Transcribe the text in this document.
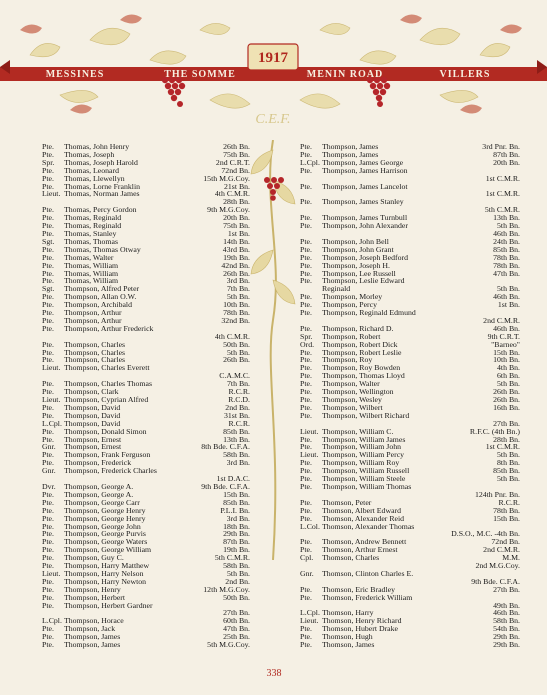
1917
C.E.F.
MESSINES	THE SOMME	MENIN ROAD	VILLERS
Pte.	Thomas, John Henry	26th Bn.
Pte.	Thomas, Joseph	75th Bn.
Spr.	Thomas, Joseph Harold	2nd C.R.T.
Pte.	Thomas, Leonard	72nd Bn.
Pte.	Thomas, Llewellyn	15th M.G.Coy.
Pte.	Thomas, Lorne Franklin	21st Bn.
Lieut. Thomas, Norman James	4th C.M.R.
28th Bn.
Pte.	Thomas, Percy Gordon	9th M.G.Coy.
Pte.	Thomas, Reginald	20th Bn.
Pte.	Thomas, Reginald	75th Bn.
Pte.	Thomas, Stanley	1st Bn.
Sgt.	Thomas, Thomas	14th Bn.
Pte.	Thomas, Thomas Otway	43rd Bn.
Pte.	Thomas, Walter	19th Bn.
Pte.	Thomas, William	42nd Bn.
Pte.	Thomas, William	26th Bn.
Pte.	Thomas, William	3rd Bn.
Sgt.	Thompson, Alfred Peter	7th Bn.
Pte.	Thompson, Allan O.W.	5th Bn.
Pte.	Thompson, Archibald	10th Bn.
Pte.	Thompson, Arthur	78th Bn.
Pte.	Thompson, Arthur	32nd Bn.
Pte.	Thompson, Arthur Frederick
4th C.M.R.
Pte.	Thompson, Charles	50th Bn.
Pte.	Thompson, Charles	5th Bn.
Pte.	Thompson, Charles	26th Bn.
Lieut. Thompson, Charles Everett
C.A.M.C.
Pte.	Thompson, Charles Thomas	7th Bn.
Pte.	Thompson, Clark	R.C.R.
Lieut. Thompson, Cyprian Alfred	R.C.D.
Pte.	Thompson, David	2nd Bn.
Pte.	Thompson, David	31st Bn.
L.Cpl. Thompson, David	R.C.R.
Pte.	Thompson, Donald Simon	85th Bn.
Pte.	Thompson, Ernest	13th Bn.
Gnr.	Thompson, Ernest	8th Bde. C.F.A.
Pte.	Thompson, Frank Ferguson	58th Bn.
Pte.	Thompson, Frederick	3rd Bn.
Gnr.	Thompson, Frederick Charles
1st D.A.C.
Dvr.	Thompson, George A.	9th Bde. C.F.A.
Pte.	Thompson, George A.	15th Bn.
Pte.	Thompson, George Carr	85th Bn.
Pte.	Thompson, George Henry	P.L.I. Bn.
Pte.	Thompson, George Henry	3rd Bn.
Pte.	Thompson, George John	18th Bn.
Pte.	Thompson, George Purvis	29th Bn.
Pte.	Thompson, George Waters	87th Bn.
Pte.	Thompson, George William	19th Bn.
Pte.	Thompson, Guy C.	5th C.M.R.
Pte.	Thompson, Harry Matthew	58th Bn.
Lieut. Thompson, Harry Nelson	5th Bn.
Pte.	Thompson, Harry Newton	2nd Bn.
Pte.	Thompson, Henry	12th M.G.Coy.
Pte.	Thompson, Herbert	50th Bn.
Pte.	Thompson, Herbert Gardner
27th Bn.
L.Cpl. Thompson, Horace	60th Bn.
Pte.	Thompson, Jack	47th Bn.
Pte.	Thompson, James	25th Bn.
Pte.	Thompson, James	5th M.G.Coy.
Pte.	Thompson, James	3rd Pnr. Bn.
Pte.	Thompson, James	87th Bn.
L.Cpl. Thompson, James George	20th Bn.
Pte.	Thompson, James Harrison
1st C.M.R.
Pte.	Thompson, James Lancelot
1st C.M.R.
Pte.	Thompson, James Stanley
5th C.M.R.
Pte.	Thompson, James Turnbull	13th Bn.
Pte.	Thompson, John Alexander	5th Bn.
46th Bn.
Pte.	Thompson, John Bell	24th Bn.
Pte.	Thompson, John Grant	85th Bn.
Pte.	Thompson, Joseph Bedford	78th Bn.
Pte.	Thompson, Joseph H.	78th Bn.
Pte.	Thompson, Lee Russell	47th Bn.
Pte.	Thompson, Leslie Edward
Reginald	5th Bn.
Pte.	Thompson, Morley	46th Bn.
Pte.	Thompson, Percy	1st Bn.
Pte.	Thompson, Reginald Edmund
2nd C.M.R.
Pte.	Thompson, Richard D.	46th Bn.
Spr.	Thompson, Robert	9th C.R.T.
Ord.	Thompson, Robert Dick	"Barneo"
Pte.	Thompson, Robert Leslie	15th Bn.
Pte.	Thompson, Roy	10th Bn.
Pte.	Thompson, Roy Bowden	4th Bn.
Pte.	Thompson, Thomas Lloyd	6th Bn.
Pte.	Thompson, Walter	5th Bn.
Pte.	Thompson, Wellington	26th Bn.
Pte.	Thompson, Wesley	26th Bn.
Pte.	Thompson, Wilbert	16th Bn.
Pte.	Thompson, Wilbert Richard
27th Bn.
Lieut. Thompson, William C.	R.F.C. (4th Bn.)
Pte.	Thompson, William James	28th Bn.
Pte.	Thompson, William John	1st C.M.R.
Lieut. Thompson, William Percy	5th Bn.
Pte.	Thompson, William Roy	8th Bn.
Pte.	Thompson, William Russell	85th Bn.
Pte.	Thompson, William Steele	5th Bn.
Pte.	Thompson, William Thomas
124th Pnr. Bn.
Pte.	Thomson, Peter	R.C.R.
Pte.	Thomson, Albert Edward	78th Bn.
Pte.	Thomson, Alexander Reid	15th Bn.
L.Col. Thomson, Alexander Thomas
D.S.O., M.C. -4th Bn.
Pte.	Thomson, Andrew Bennett	72nd Bn.
Pte.	Thomson, Arthur Ernest	2nd C.M.R.
Cpl.	Thomson, Charles	M.M.
2nd M.G.Coy.
Gnr.	Thomson, Clinton Charles E.
9th Bde. C.F.A.
Pte.	Thomson, Eric Bradley	27th Bn.
Pte.	Thomson, Frederick William
49th Bn.
L.Cpl. Thomson, Harry	46th Bn.
Lieut. Thomson, Henry Richard	58th Bn.
Pte.	Thomson, Hubert Drake	54th Bn.
Pte.	Thomson, Hugh	29th Bn.
Pte.	Thomson, James	29th Bn.
338
